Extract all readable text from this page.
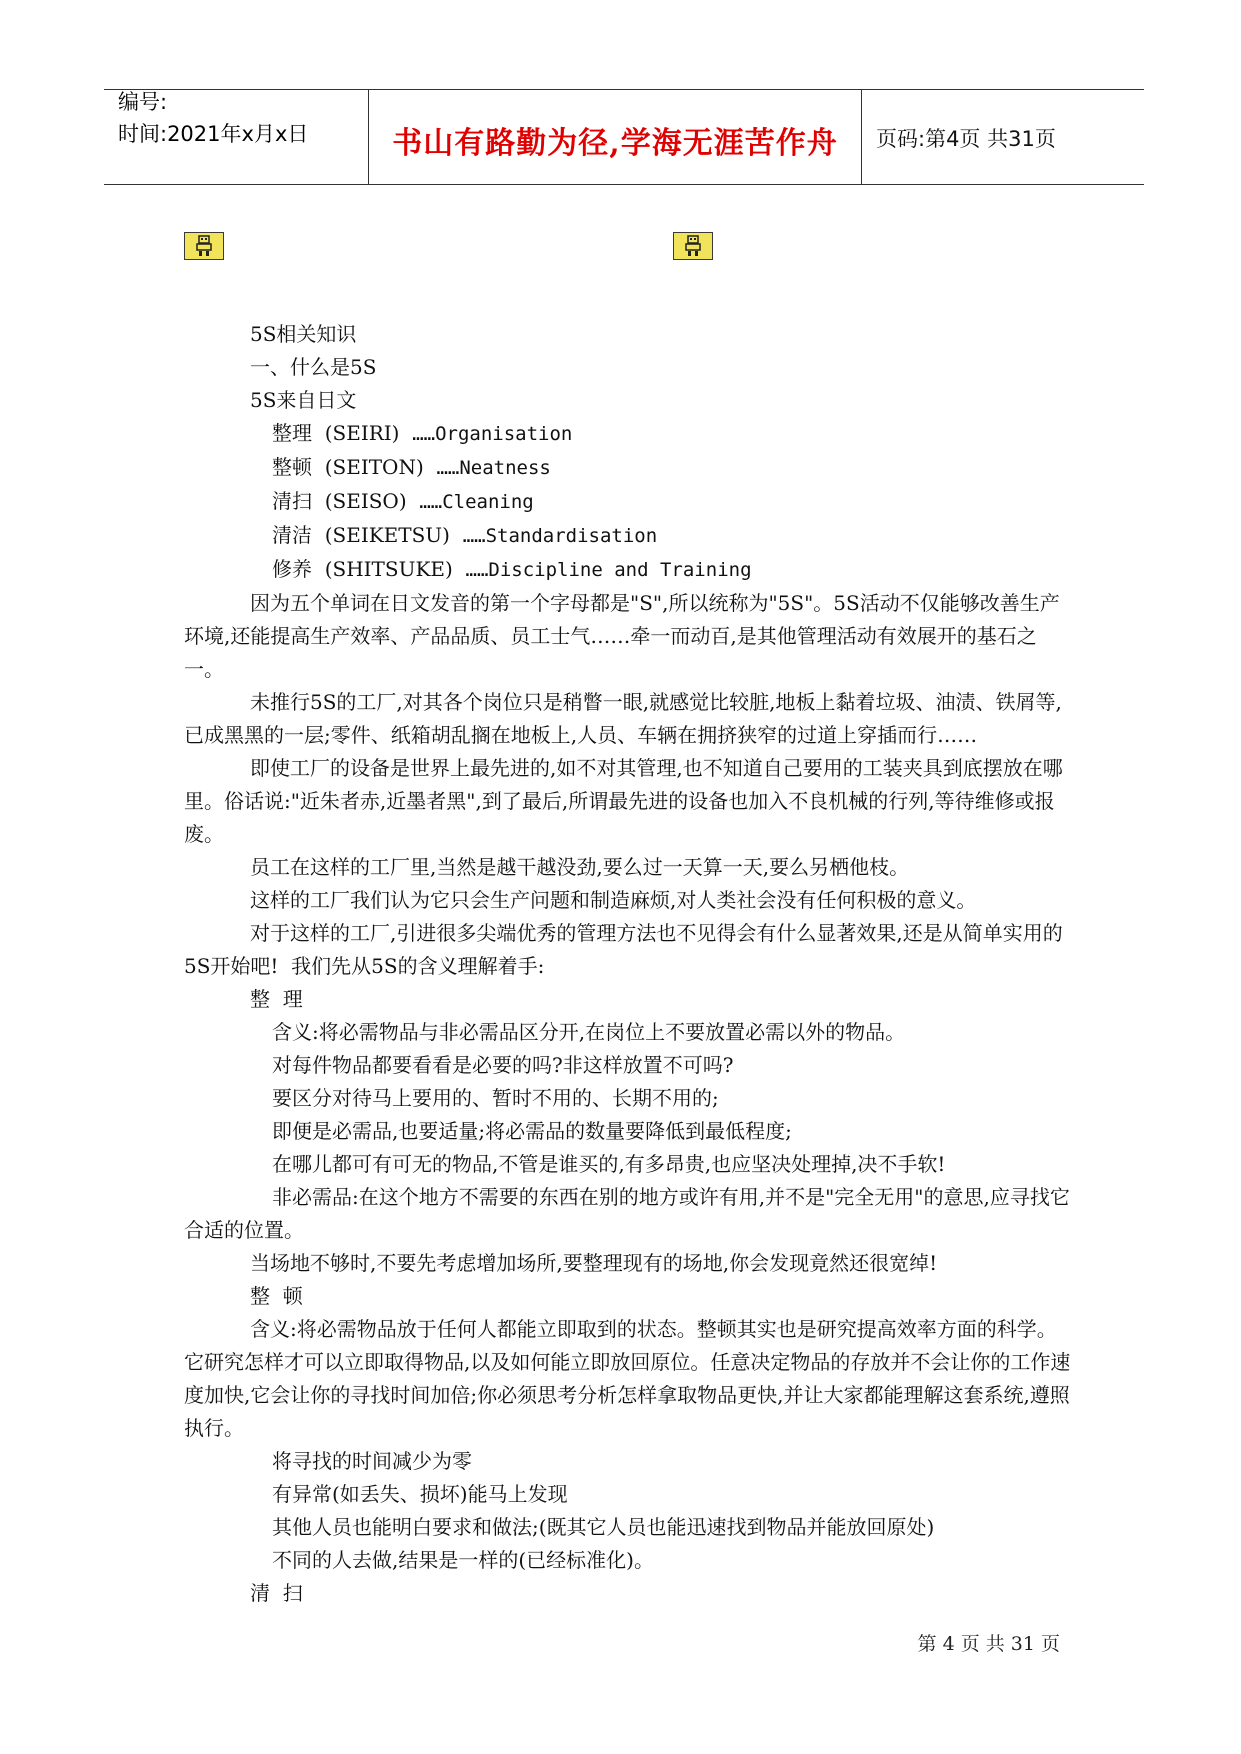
编号:
时间:2021年x月x日	书山有路勤为径,学海无涯苦作舟	页码:第4页 共31页

5S相关知识

一、什么是5S

5S来自日文

整理  (SEIRI) ……Organisation

整顿  (SEITON) ……Neatness

清扫  (SEISO) ……Cleaning

清洁  (SEIKETSU) ……Standardisation

修养  (SHITSUKE) ……Discipline and Training

因为五个单词在日文发音的第一个字母都是"S",所以统称为"5S"。5S活动不仅能够改善生产环境,还能提高生产效率、产品品质、员工士气……牵一而动百,是其他管理活动有效展开的基石之一。

未推行5S的工厂,对其各个岗位只是稍瞥一眼,就感觉比较脏,地板上黏着垃圾、油渍、铁屑等,已成黑黑的一层;零件、纸箱胡乱搁在地板上,人员、车辆在拥挤狭窄的过道上穿插而行……

即使工厂的设备是世界上最先进的,如不对其管理,也不知道自己要用的工装夹具到底摆放在哪里。俗话说:"近朱者赤,近墨者黑",到了最后,所谓最先进的设备也加入不良机械的行列,等待维修或报废。

员工在这样的工厂里,当然是越干越没劲,要么过一天算一天,要么另栖他枝。

这样的工厂我们认为它只会生产问题和制造麻烦,对人类社会没有任何积极的意义。

对于这样的工厂,引进很多尖端优秀的管理方法也不见得会有什么显著效果,还是从简单实用的5S开始吧!  我们先从5S的含义理解着手:

整  理

含义:将必需物品与非必需品区分开,在岗位上不要放置必需以外的物品。

对每件物品都要看看是必要的吗?非这样放置不可吗?

要区分对待马上要用的、暂时不用的、长期不用的;

即便是必需品,也要适量;将必需品的数量要降低到最低程度;

在哪儿都可有可无的物品,不管是谁买的,有多昂贵,也应坚决处理掉,决不手软!

非必需品:在这个地方不需要的东西在别的地方或许有用,并不是"完全无用"的意思,应寻找它合适的位置。

当场地不够时,不要先考虑增加场所,要整理现有的场地,你会发现竟然还很宽绰!

整  顿

含义:将必需物品放于任何人都能立即取到的状态。整顿其实也是研究提高效率方面的科学。它研究怎样才可以立即取得物品,以及如何能立即放回原位。任意决定物品的存放并不会让你的工作速度加快,它会让你的寻找时间加倍;你必须思考分析怎样拿取物品更快,并让大家都能理解这套系统,遵照执行。

将寻找的时间减少为零

有异常(如丢失、损坏)能马上发现

其他人员也能明白要求和做法;(既其它人员也能迅速找到物品并能放回原处)

不同的人去做,结果是一样的(已经标准化)。

清  扫

第 4 页 共 31 页
